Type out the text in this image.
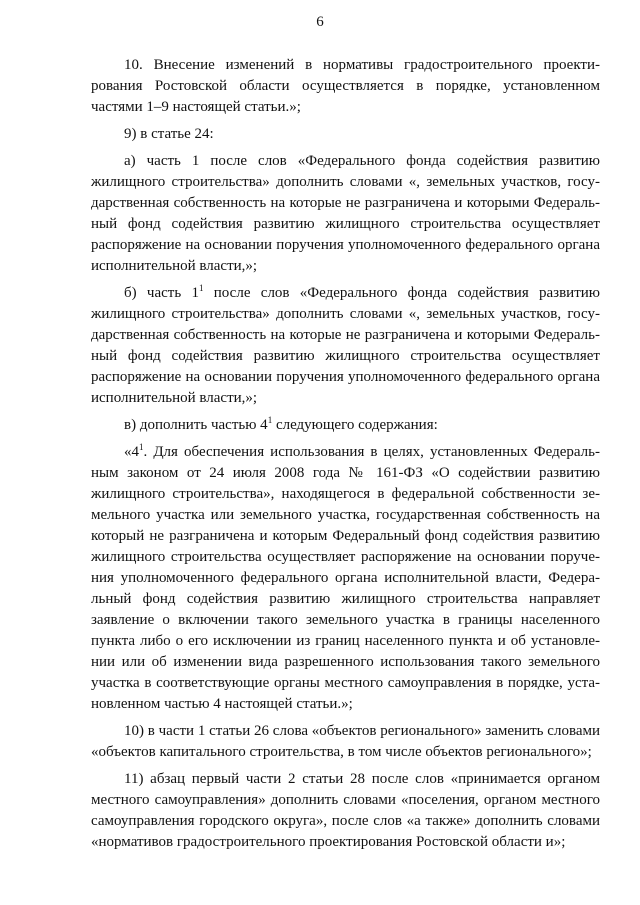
6

10. Внесение изменений в нормативы градостроительного проектирования Ростовской области осуществляется в порядке, установленном частями 1–9 настоящей статьи.»;

9) в статье 24:

а) часть 1 после слов «Федерального фонда содействия развитию жилищного строительства» дополнить словами «, земельных участков, государственная собственность на которые не разграничена и которыми Федеральный фонд содействия развитию жилищного строительства осуществляет распоряжение на основании поручения уполномоченного федерального органа исполнительной власти,»;

б) часть $1^1$ после слов «Федерального фонда содействия развитию жилищного строительства» дополнить словами «, земельных участков, государственная собственность на которые не разграничена и которыми Федеральный фонд содействия развитию жилищного строительства осуществляет распоряжение на основании поручения уполномоченного федерального органа исполнительной власти,»;

в) дополнить частью $4^1$ следующего содержания:

«$4^1$. Для обеспечения использования в целях, установленных Федеральным законом от 24 июля 2008 года № 161-ФЗ «О содействии развитию жилищного строительства», находящегося в федеральной собственности земельного участка или земельного участка, государственная собственность на который не разграничена и которым Федеральный фонд содействия развитию жилищного строительства осуществляет распоряжение на основании поручения уполномоченного федерального органа исполнительной власти, Федеральный фонд содействия развитию жилищного строительства направляет заявление о включении такого земельного участка в границы населенного пункта либо о его исключении из границ населенного пункта и об установлении или об изменении вида разрешенного использования такого земельного участка в соответствующие органы местного самоуправления в порядке, установленном частью 4 настоящей статьи.»;

10) в части 1 статьи 26 слова «объектов регионального» заменить словами «объектов капитального строительства, в том числе объектов регионального»;

11) абзац первый части 2 статьи 28 после слов «принимается органом местного самоуправления» дополнить словами «поселения, органом местного самоуправления городского округа», после слов «а также» дополнить словами «нормативов градостроительного проектирования Ростовской области и»;
